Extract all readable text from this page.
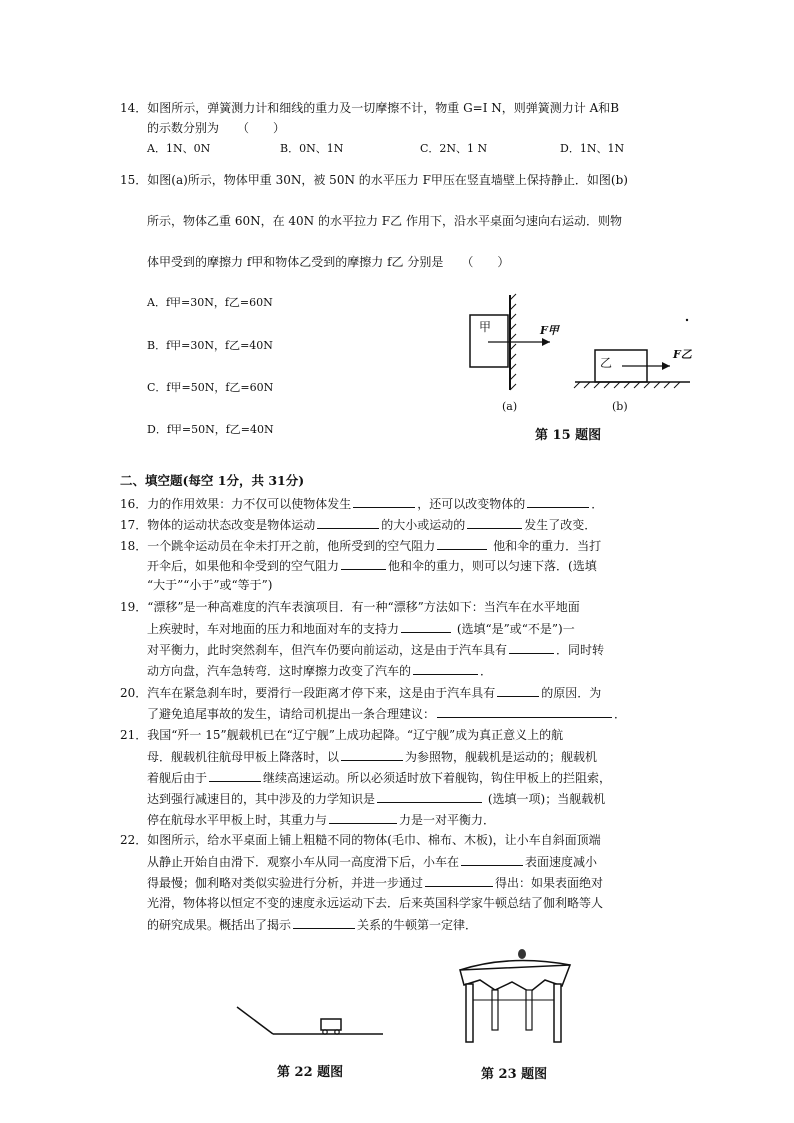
14．如图所示，弹簧测力计和细线的重力及一切摩擦不计，物重 G=I N，则弹簧测力计 A和B
的示数分别为　　（　　）
A．1N、0N	B．0N、1N	C．2N、1 N	D．1N、1N
15．如图(a)所示，物体甲重 30N，被 50N 的水平压力 F甲压在竖直墙壁上保持静止．如图(b)
所示，物体乙重 60N，在 40N 的水平拉力 F乙 作用下，沿水平桌面匀速向右运动．则物
体甲受到的摩擦力 f甲和物体乙受到的摩擦力 f乙 分别是　　（　　）
A．f甲=30N，f乙=60N
B．f甲=30N，f乙=40N
C．f甲=50N，f乙=60N
D．f甲=50N，f乙=40N
甲	F甲
乙
F乙
(a)	(b)
第 15 题图
二、填空题(每空 1分，共 31分)
16．力的作用效果：力不仅可以使物体发生	，还可以改变物体的	．
17．物体的运动状态改变是物体运动	的大小或运动的	发生了改变．
18．一个跳伞运动员在伞未打开之前，他所受到的空气阻力	他和伞的重力．当打
开伞后，如果他和伞受到的空气阻力	他和伞的重力，则可以匀速下落．(选填
“大于”“小于”或“等于”)
19．“漂移”是一种高难度的汽车表演项目．有一种“漂移”方法如下：当汽车在水平地面
上疾驶时，车对地面的压力和地面对车的支持力	(选填“是”或“不是”)一
对平衡力，此时突然刹车，但汽车仍要向前运动，这是由于汽车具有	．同时转
动方向盘，汽车急转弯．这时摩擦力改变了汽车的	．
20．汽车在紧急刹车时，要滑行一段距离才停下来，这是由于汽车具有	的原因．为
了避免追尾事故的发生，请给司机提出一条合理建议：	．
21．我国“歼一 15”舰载机已在“辽宁舰”上成功起降。“辽宁舰”成为真正意义上的航
母．舰载机往航母甲板上降落时，以	为参照物，舰载机是运动的；舰载机
着舰后由于	继续高速运动。所以必须适时放下着舰钩，钩住甲板上的拦阻索，
达到强行减速目的，其中涉及的力学知识是	(选填一项)；当舰载机
停在航母水平甲板上时，其重力与	力是一对平衡力．
22．如图所示，给水平桌面上铺上粗糙不同的物体(毛巾、棉布、木板)，让小车自斜面顶端
从静止开始自由滑下．观察小车从同一高度滑下后，小车在	表面速度减小
得最慢；伽利略对类似实验进行分析，并进一步通过	得出：如果表面绝对
光滑，物体将以恒定不变的速度永远运动下去．后来英国科学家牛顿总结了伽利略等人
的研究成果。概括出了揭示	关系的牛顿第一定律．
第 22 题图	第 23 题图
